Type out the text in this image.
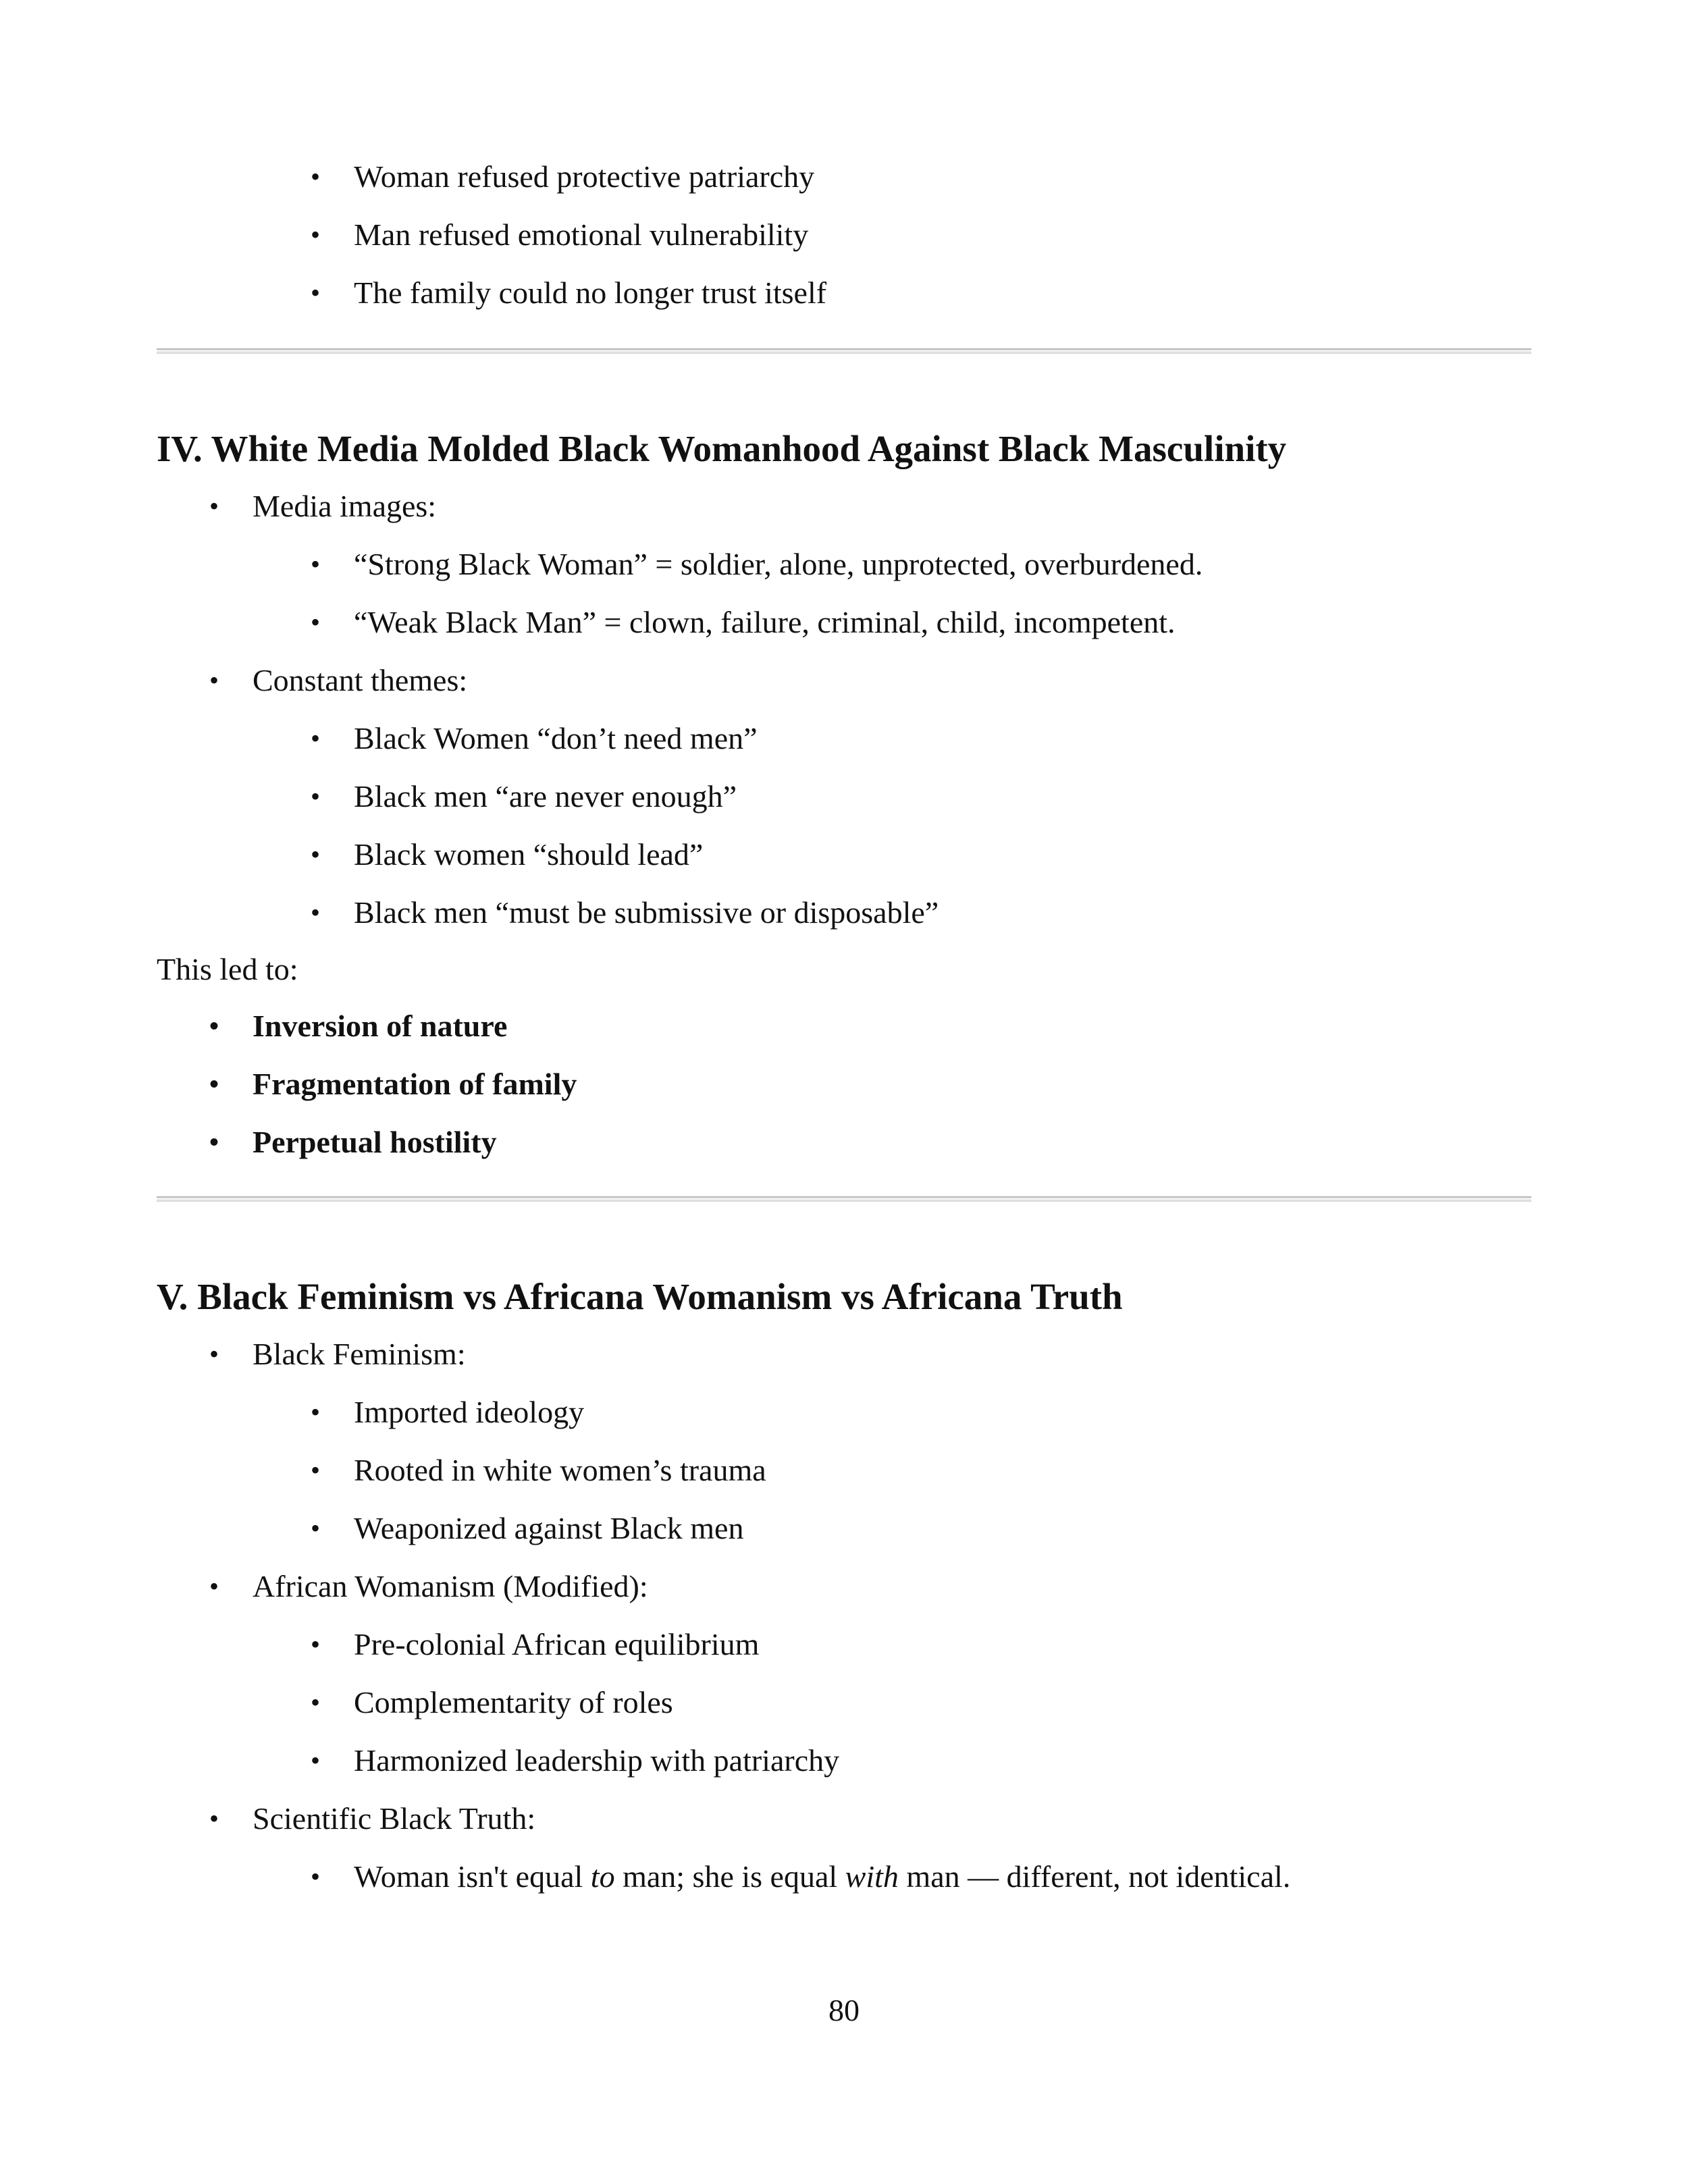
• Woman refused protective patriarchy
• Man refused emotional vulnerability
• The family could no longer trust itself
IV. White Media Molded Black Womanhood Against Black Masculinity
• Media images:
• “Strong Black Woman” = soldier, alone, unprotected, overburdened.
• “Weak Black Man” = clown, failure, criminal, child, incompetent.
• Constant themes:
• Black Women “don’t need men”
• Black men “are never enough”
• Black women “should lead”
• Black men “must be submissive or disposable”
This led to:
• Inversion of nature
• Fragmentation of family
• Perpetual hostility
V. Black Feminism vs Africana Womanism vs Africana Truth
• Black Feminism:
• Imported ideology
• Rooted in white women’s trauma
• Weaponized against Black men
• African Womanism (Modified):
• Pre-colonial African equilibrium
• Complementarity of roles
• Harmonized leadership with patriarchy
• Scientific Black Truth:
• Woman isn't equal to man; she is equal with man — different, not identical.
80
